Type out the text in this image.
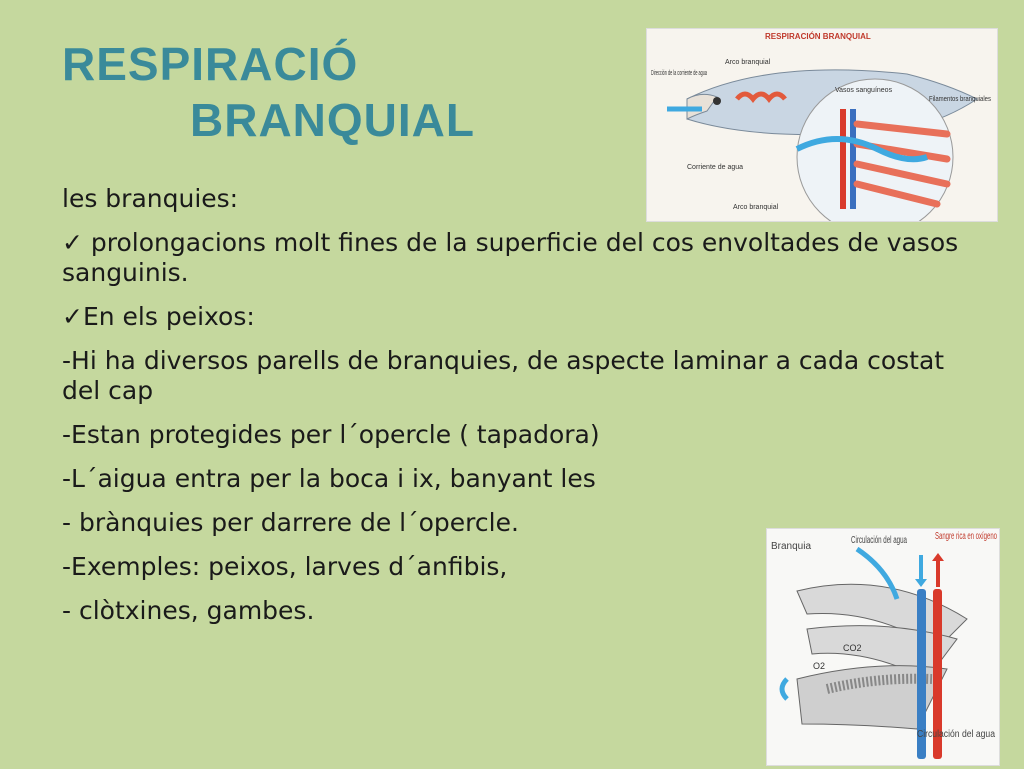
RESPIRACIÓ
BRANQUIAL

les branquies:

✓ prolongacions molt fines de la superficie del cos envoltades de vasos sanguinis.

✓En els peixos:

-Hi ha diversos parells de branquies, de aspecte laminar a cada costat del cap

-Estan protegides per l´opercle ( tapadora)

-L´aigua entra per la boca i ix, banyant les

- brànquies per darrere de l´opercle.

-Exemples: peixos, larves d´anfibis,

- clòtxines, gambes.

RESPIRACIÓN BRANQUIAL
Arco branquial
Dirección de la corriente de agua
Vasos sanguíneos
Filamentos branquiales
Corriente de agua
Arco branquial
Branquia
Circulación del agua	Sangre rica en oxígeno
CO2
O2
Circulación del agua
